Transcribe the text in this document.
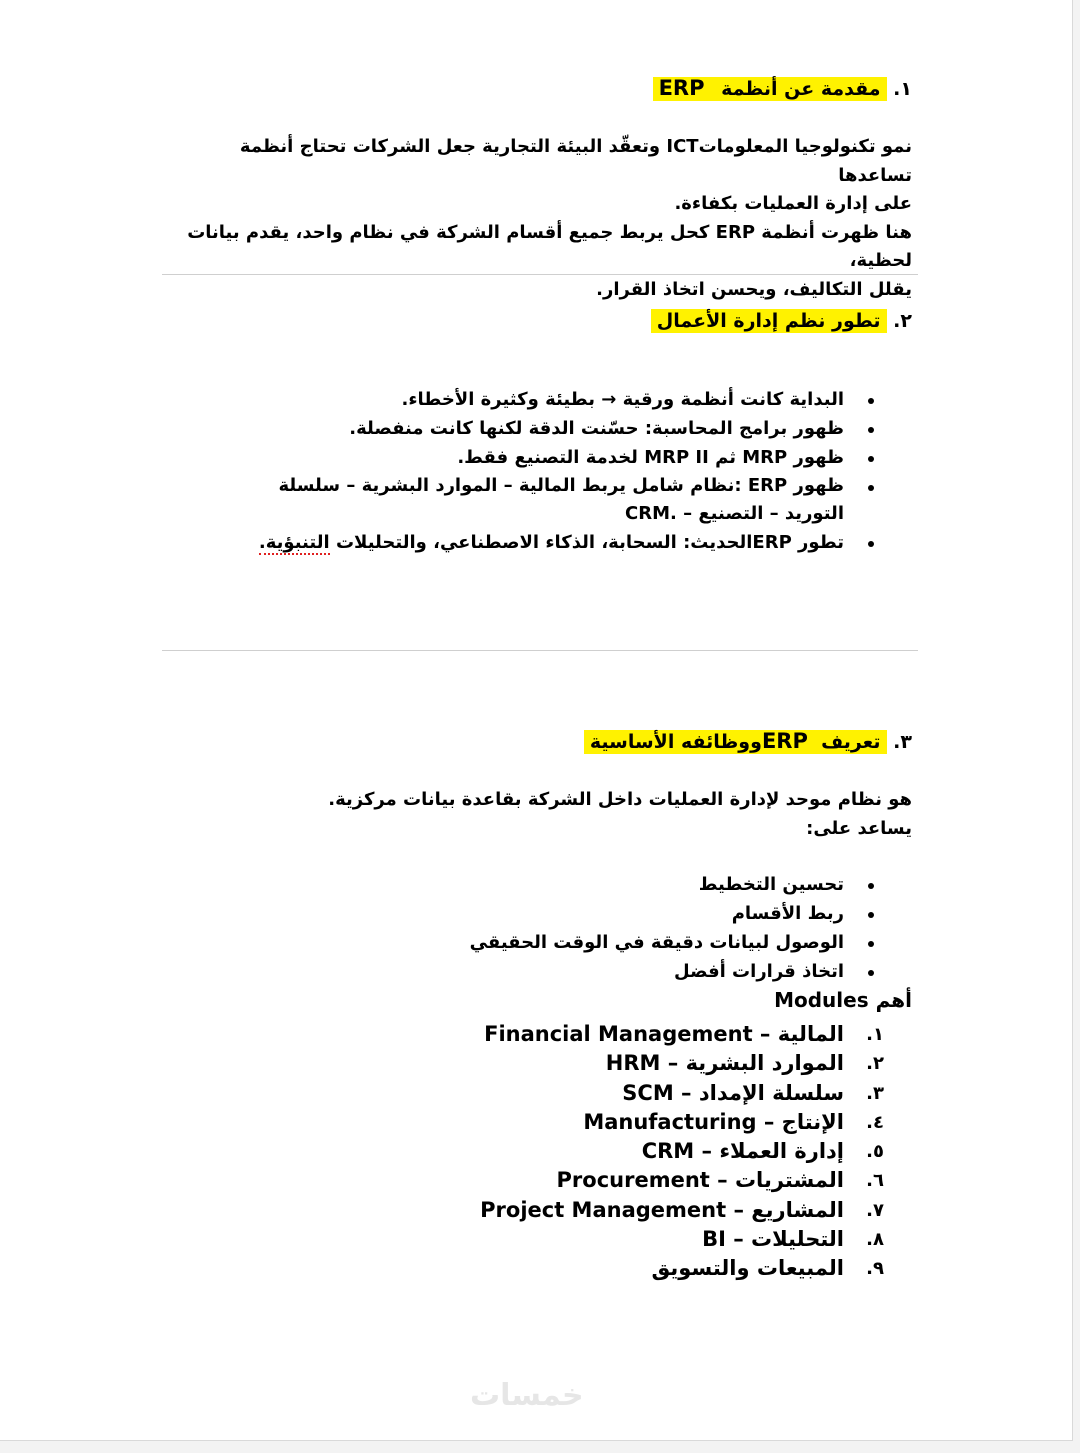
١. مقدمة عن أنظمة ERP

نمو تكنولوجيا المعلوماتICT وتعقّد البيئة التجارية جعل الشركات تحتاج أنظمة تساعدها

على إدارة العمليات بكفاءة.

هنا ظهرت أنظمة ERP كحل يربط جميع أقسام الشركة في نظام واحد، يقدم بيانات لحظية،

يقلل التكاليف، ويحسن اتخاذ القرار.

٢. تطور نظم إدارة الأعمال
البداية كانت أنظمة ورقية → بطيئة وكثيرة الأخطاء.
ظهور برامج المحاسبة: حسّنت الدقة لكنها كانت منفصلة.
ظهور MRP ثم MRP II لخدمة التصنيع فقط.
ظهور ERP :نظام شامل يربط المالية – الموارد البشرية – سلسلة التوريد – التصنيع – .CRM
تطور ERPالحديث: السحابة، الذكاء الاصطناعي، والتحليلات التنبؤية.
٣. تعريف  ERPووظائفه الأساسية

هو نظام موحد لإدارة العمليات داخل الشركة بقاعدة بيانات مركزية.

يساعد على:

تحسين التخطيط
ربط الأقسام
الوصول لبيانات دقيقة في الوقت الحقيقي
اتخاذ قرارات أفضل
أهم Modules
١.
المالية – Financial Management
٢.
الموارد البشرية – HRM
٣.
سلسلة الإمداد – SCM
٤.
الإنتاج – Manufacturing
٥.
إدارة العملاء – CRM
٦.
المشتريات – Procurement
٧.
المشاريع – Project Management
٨.
التحليلات – BI
٩.
المبيعات والتسويق
خمسات
